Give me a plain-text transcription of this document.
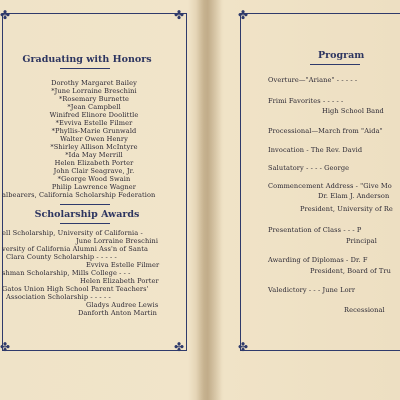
✤	✤
✤	✤
Graduating with Honors
Dorothy Margaret Bailey
*June Lorraine Breschini
*Rosemary Burnette
*Jean Campbell
Winifred Elinore Doolittle
*Evviva Estelle Filmer
*Phyllis-Marie Grunwald
Walter Owen Henry
*Shirley Allison McIntyre
*Ida May Merrill
Helen Elizabeth Porter
John Clair Seagrave, Jr.
*George Wood Swain
Philip Lawrence Wagner
albearers, California Scholarship Federation
Scholarship Awards
ell Scholarship, University of California -
June Lorraine Breschini
versity of California Alumni Ass'n of Santa
Clara County Scholarship - - - - -
Evviva Estelle Filmer
shman Scholarship, Mills College - - -
Helen Elizabeth Porter
Gatos Union High School Parent Teachers'
Association Scholarship - - - - -
Gladys Audree Lewis
Danforth Anton Martin
✤
✤
Program
Overture—"Ariane" - - - - -
Frimi Favorites - - - - -
High School Band
Processional—March from "Aida"
Invocation - The Rev. David
Salutatory - - - - George
Commencement Address - "Give Mo
Dr. Elam J. Anderson
President, University of Re
Presentation of Class - - - P
Principal
Awarding of Diplomas - Dr. F
President, Board of Tru
Valedictory - - - June Lorr
Recessional
